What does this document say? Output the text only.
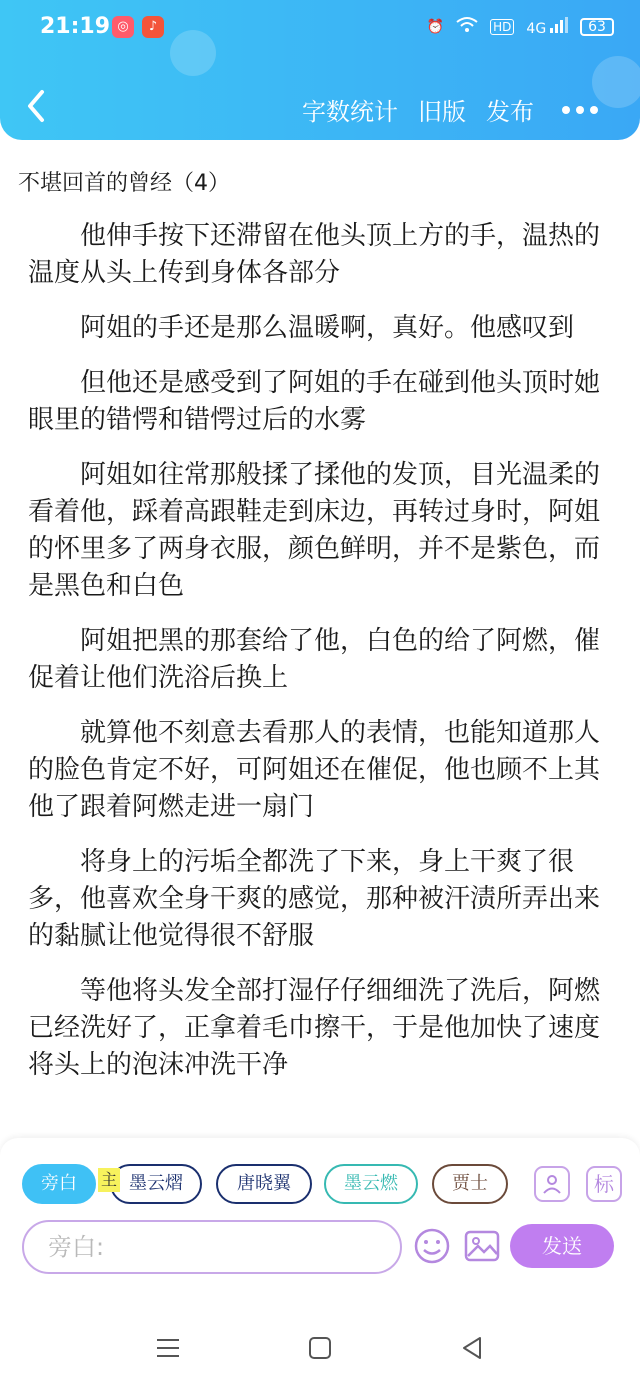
21:19 ◎	♪	⏰	HD 4G	63
字数统计 旧版 发布
不堪回首的曾经（4）

他伸手按下还滞留在他头顶上方的手，温热的温度从头上传到身体各部分

阿姐的手还是那么温暖啊，真好。他感叹到

但他还是感受到了阿姐的手在碰到他头顶时她眼里的错愕和错愕过后的水雾

阿姐如往常那般揉了揉他的发顶，目光温柔的看着他，踩着高跟鞋走到床边，再转过身时，阿姐的怀里多了两身衣服，颜色鲜明，并不是紫色，而是黑色和白色

阿姐把黑的那套给了他，白色的给了阿燃，催促着让他们洗浴后换上

就算他不刻意去看那人的表情，也能知道那人的脸色肯定不好，可阿姐还在催促，他也顾不上其他了跟着阿燃走进一扇门

将身上的污垢全都洗了下来，身上干爽了很多，他喜欢全身干爽的感觉，那种被汗渍所弄出来的黏腻让他觉得很不舒服

等他将头发全部打湿仔仔细细洗了洗后，阿燃已经洗好了，正拿着毛巾擦干，于是他加快了速度将头上的泡沫冲洗干净

旁白	墨云熠
主	唐晓翼	墨云燃	贾士	标
旁白:	发送
